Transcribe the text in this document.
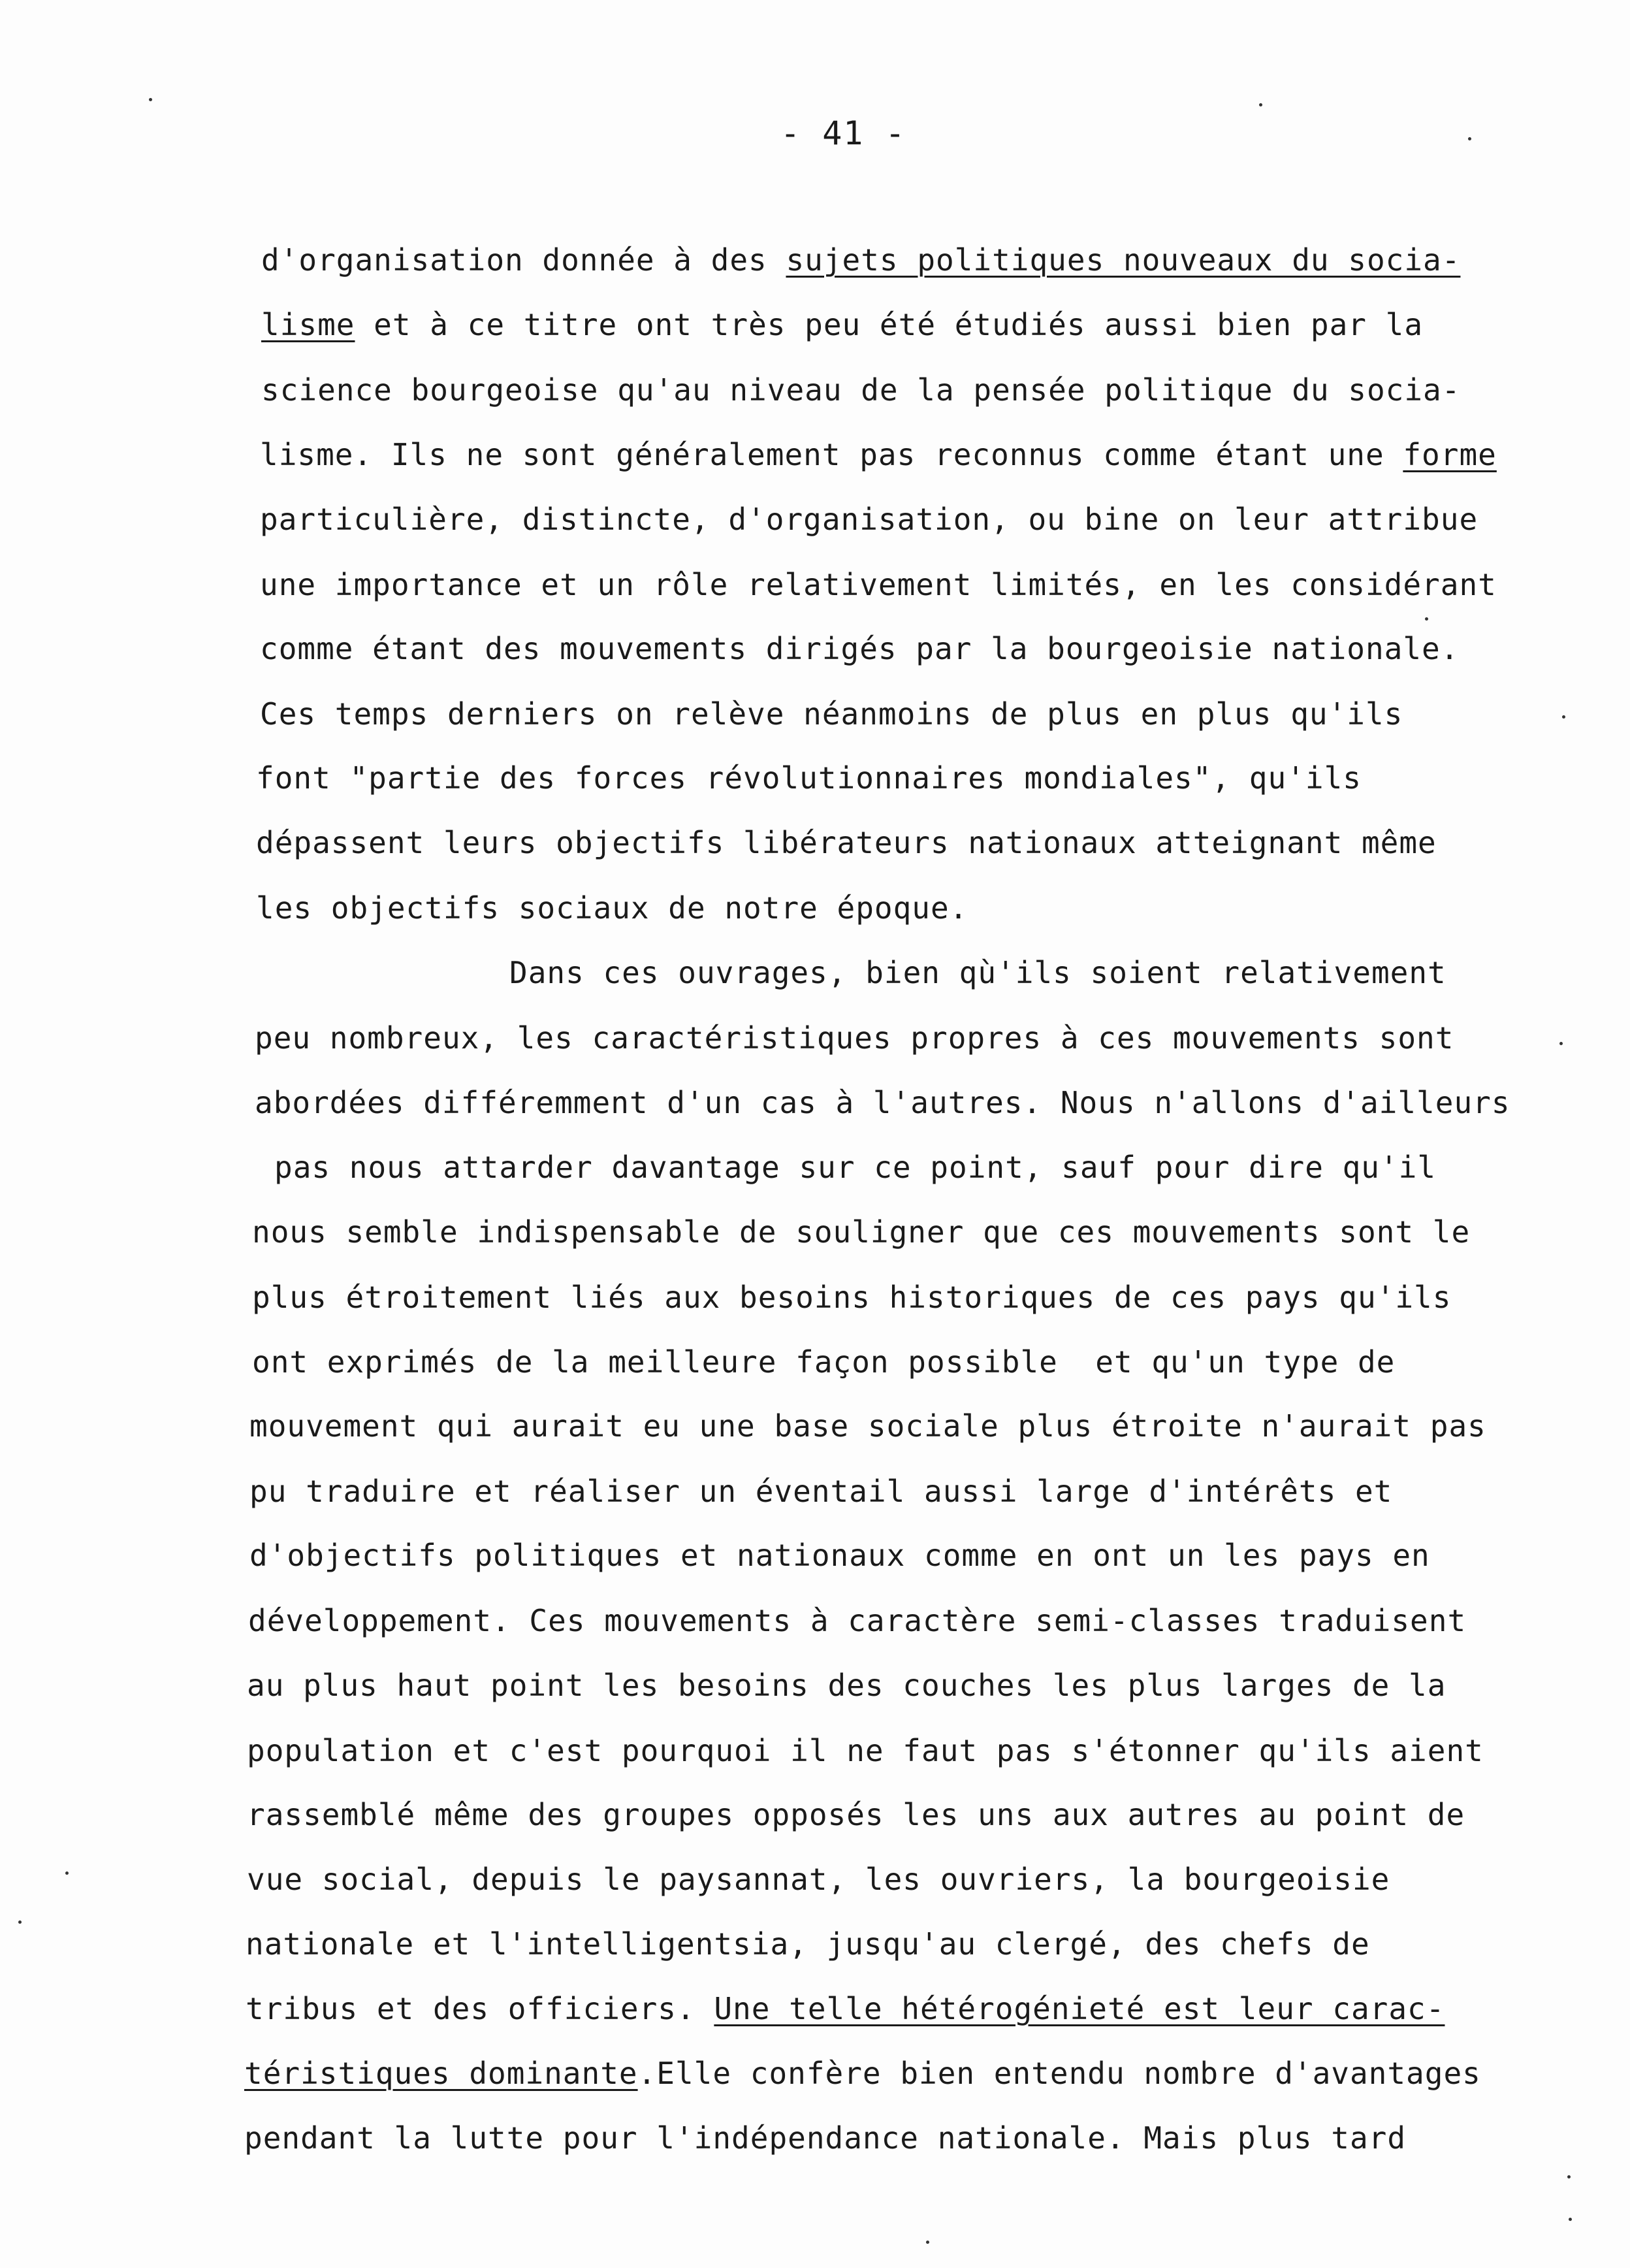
- 41 -
d'organisation donnée à des sujets politiques nouveaux du socia-
lisme et à ce titre ont très peu été étudiés aussi bien par la
science bourgeoise qu'au niveau de la pensée politique du socia-
lisme. Ils ne sont généralement pas reconnus comme étant une forme
particulière, distincte, d'organisation, ou bine on leur attribue
une importance et un rôle relativement limités, en les considérant
comme étant des mouvements dirigés par la bourgeoisie nationale.
Ces temps derniers on relève néanmoins de plus en plus qu'ils
font "partie des forces révolutionnaires mondiales", qu'ils
dépassent leurs objectifs libérateurs nationaux atteignant même
les objectifs sociaux de notre époque.
Dans ces ouvrages, bien qù'ils soient relativement
peu nombreux, les caractéristiques propres à ces mouvements sont
abordées différemment d'un cas à l'autres. Nous n'allons d'ailleurs
pas nous attarder davantage sur ce point, sauf pour dire qu'il
nous semble indispensable de souligner que ces mouvements sont le
plus étroitement liés aux besoins historiques de ces pays qu'ils
ont exprimés de la meilleure façon possible  et qu'un type de
mouvement qui aurait eu une base sociale plus étroite n'aurait pas
pu traduire et réaliser un éventail aussi large d'intérêts et
d'objectifs politiques et nationaux comme en ont un les pays en
développement. Ces mouvements à caractère semi-classes traduisent
au plus haut point les besoins des couches les plus larges de la
population et c'est pourquoi il ne faut pas s'étonner qu'ils aient
rassemblé même des groupes opposés les uns aux autres au point de
vue social, depuis le paysannat, les ouvriers, la bourgeoisie
nationale et l'intelligentsia, jusqu'au clergé, des chefs de
tribus et des officiers. Une telle hétérogénieté est leur carac-
téristiques dominante.Elle confère bien entendu nombre d'avantages
pendant la lutte pour l'indépendance nationale. Mais plus tard
